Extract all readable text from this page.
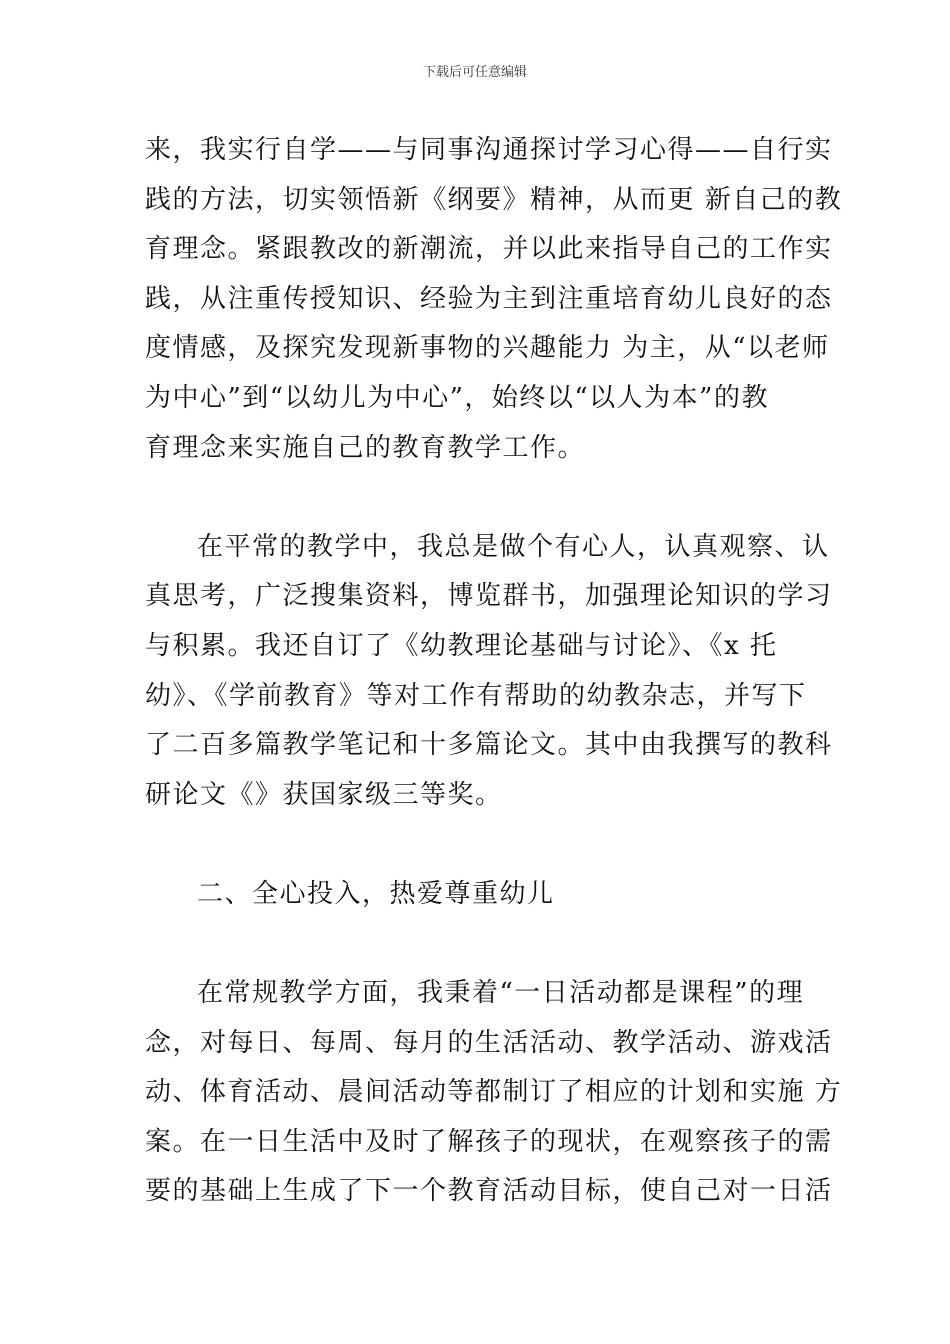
下载后可任意编辑
来，我实行自学——与同事沟通探讨学习心得——自行实
践的方法，切实领悟新《纲要》精神，从而更 新自己的教
育理念。紧跟教改的新潮流，并以此来指导自己的工作实
践，从注重传授知识、经验为主到注重培育幼儿良好的态
度情感，及探究发现新事物的兴趣能力 为主，从“以老师
为中心”到“以幼儿为中心”，始终以“以人为本”的教
育理念来实施自己的教育教学工作。
在平常的教学中，我总是做个有心人，认真观察、认
真思考，广泛搜集资料，博览群书，加强理论知识的学习
与积累。我还自订了《幼教理论基础与讨论》、《x 托
幼》、《学前教育》等对工作有帮助的幼教杂志，并写下
了二百多篇教学笔记和十多篇论文。其中由我撰写的教科
研论文《》获国家级三等奖。
二、全心投入，热爱尊重幼儿
在常规教学方面，我秉着“一日活动都是课程”的理
念，对每日、每周、每月的生活活动、教学活动、游戏活
动、体育活动、晨间活动等都制订了相应的计划和实施 方
案。在一日生活中及时了解孩子的现状，在观察孩子的需
要的基础上生成了下一个教育活动目标，使自己对一日活
